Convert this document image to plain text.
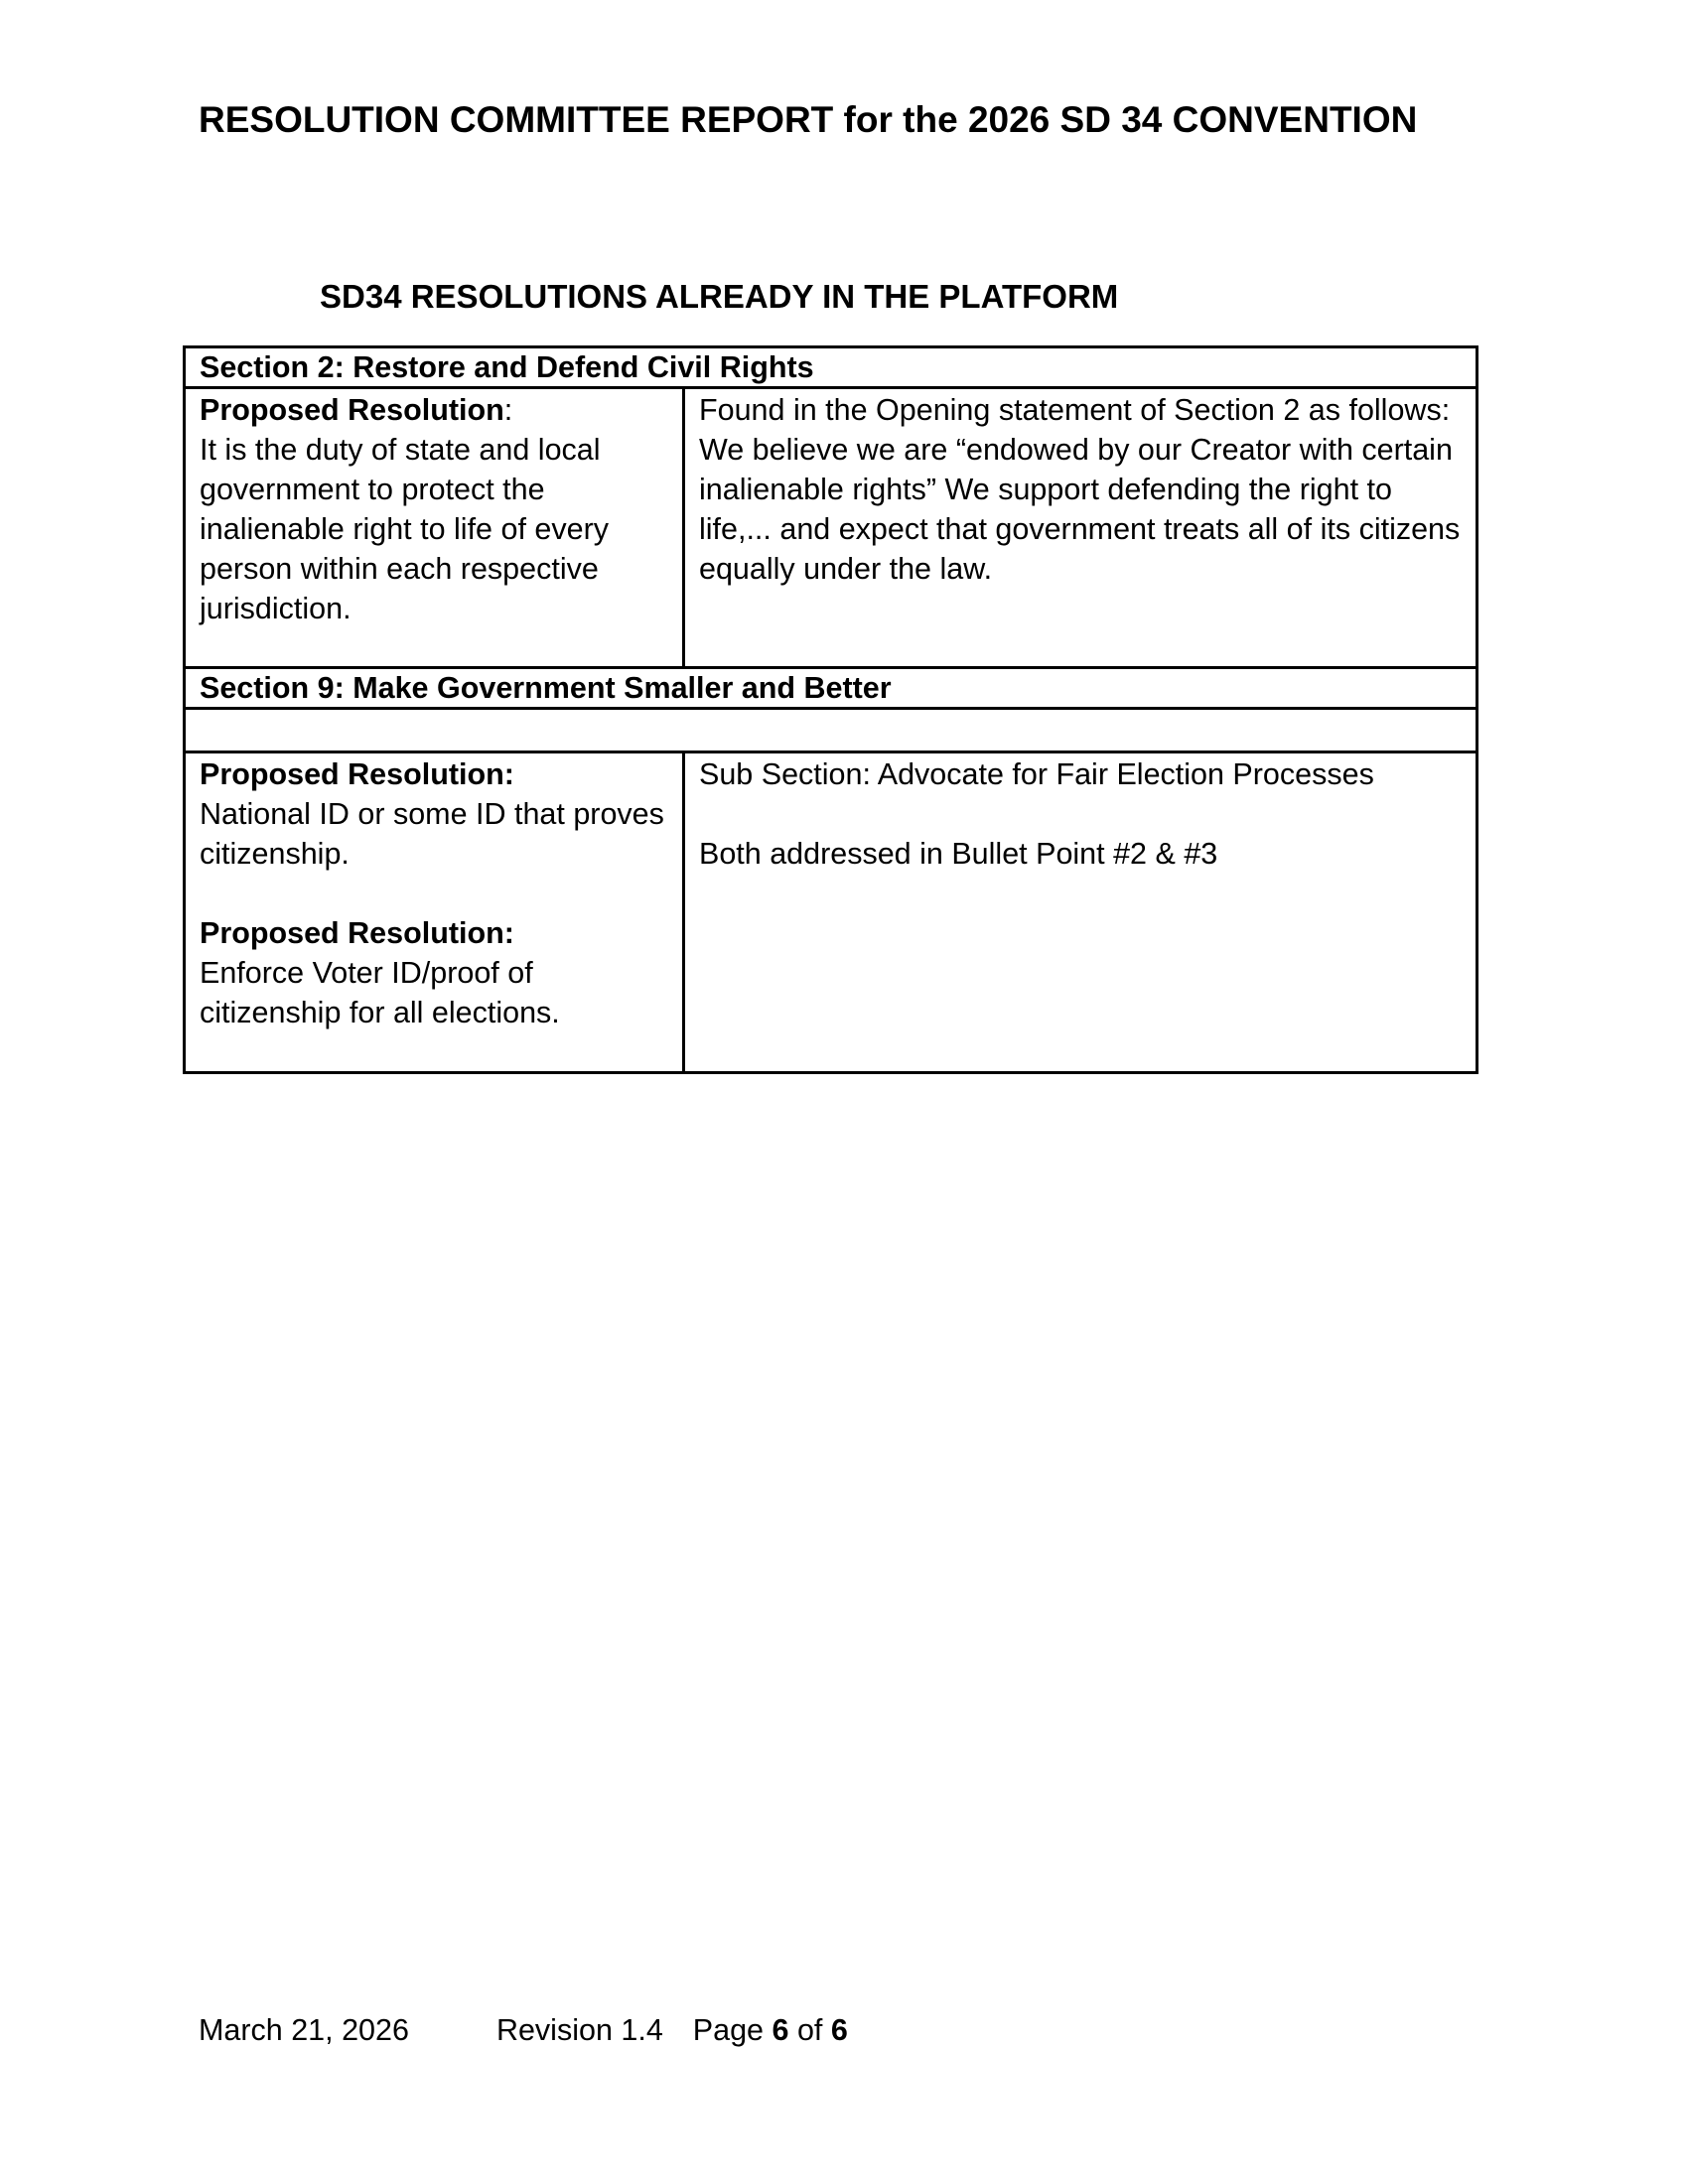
RESOLUTION COMMITTEE REPORT for the 2026 SD 34 CONVENTION
SD34 RESOLUTIONS ALREADY IN THE PLATFORM
Section 2: Restore and Defend Civil Rights	
Proposed Resolution:
It is the duty of state and local government to protect the inalienable right to life of every person within each respective jurisdiction.	Found in the Opening statement of Section 2 as follows:
We believe we are “endowed by our Creator with certain inalienable rights” We support defending the right to life,... and expect that government treats all of its citizens equally under the law.
Section 9: Make Government Smaller and Better	

Proposed Resolution:
National ID or some ID that proves citizenship.

Proposed Resolution:
Enforce Voter ID/proof of citizenship for all elections.	Sub Section: Advocate for Fair Election Processes

Both addressed in Bullet Point #2 & #3
March 21, 2026	Revision 1.4 Page 6 of 6
